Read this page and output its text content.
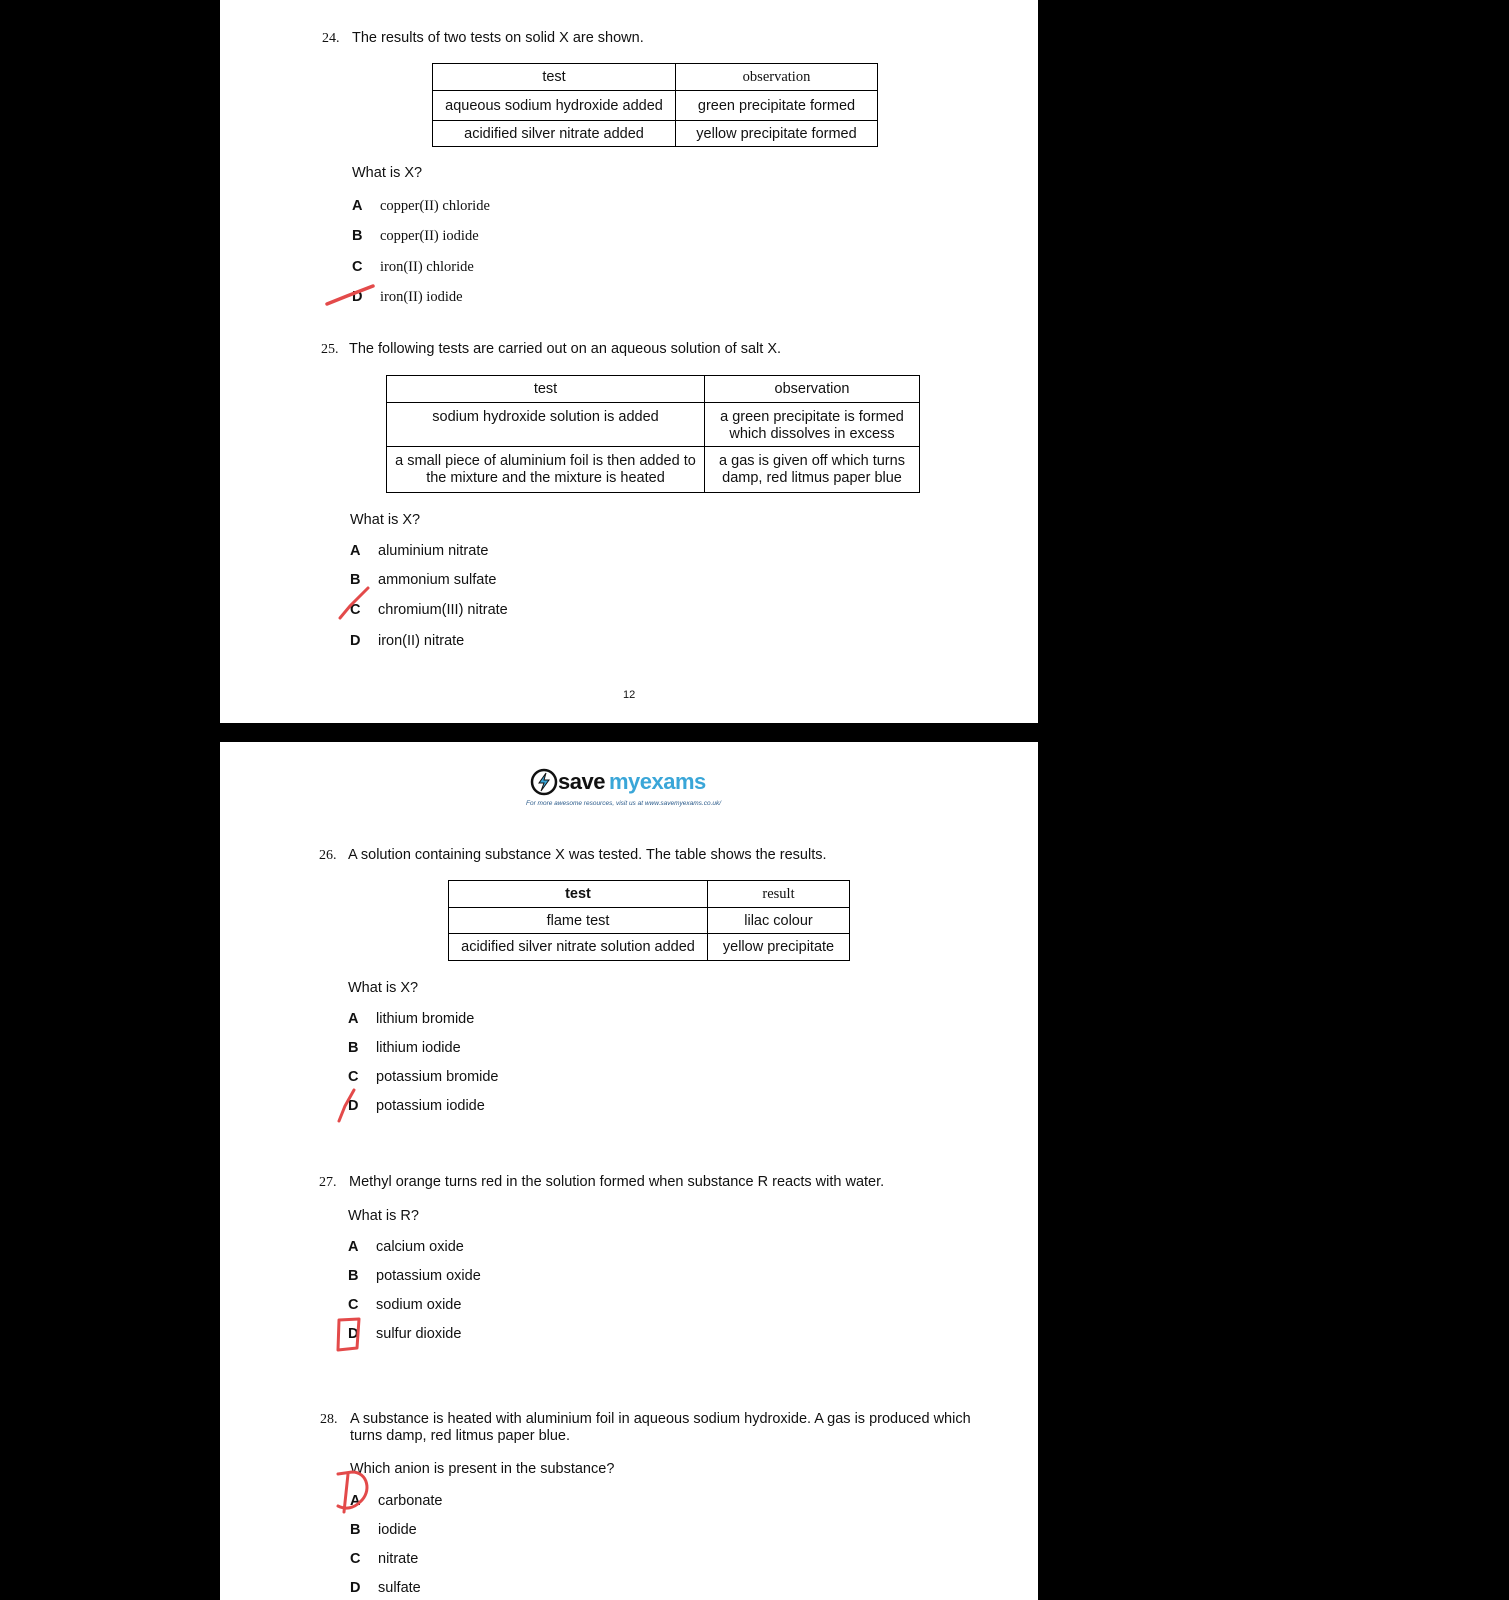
24. The results of two tests on solid X are shown.
test	observation
aqueous sodium hydroxide added	green precipitate formed
acidified silver nitrate added	yellow precipitate formed
What is X?
A copper(II) chloride
B copper(II) iodide
C iron(II) chloride
D iron(II) iodide
25. The following tests are carried out on an aqueous solution of salt X.
test	observation
sodium hydroxide solution is added	a green precipitate is formed which dissolves in excess
a small piece of aluminium foil is then added to the mixture and the mixture is heated	a gas is given off which turns damp, red litmus paper blue
What is X?
A aluminium nitrate
B ammonium sulfate
C chromium(III) nitrate
D iron(II) nitrate
12
save my exams
For more awesome resources, visit us at www.savemyexams.co.uk/
26. A solution containing substance X was tested. The table shows the results.
test	result
flame test	lilac colour
acidified silver nitrate solution added	yellow precipitate
What is X?
A lithium bromide
B lithium iodide
C potassium bromide
D potassium iodide
27. Methyl orange turns red in the solution formed when substance R reacts with water.
What is R?
A calcium oxide
B potassium oxide
C sodium oxide
D sulfur dioxide
28. A substance is heated with aluminium foil in aqueous sodium hydroxide. A gas is produced which
turns damp, red litmus paper blue.
Which anion is present in the substance?
A carbonate
B iodide
C nitrate
D sulfate
